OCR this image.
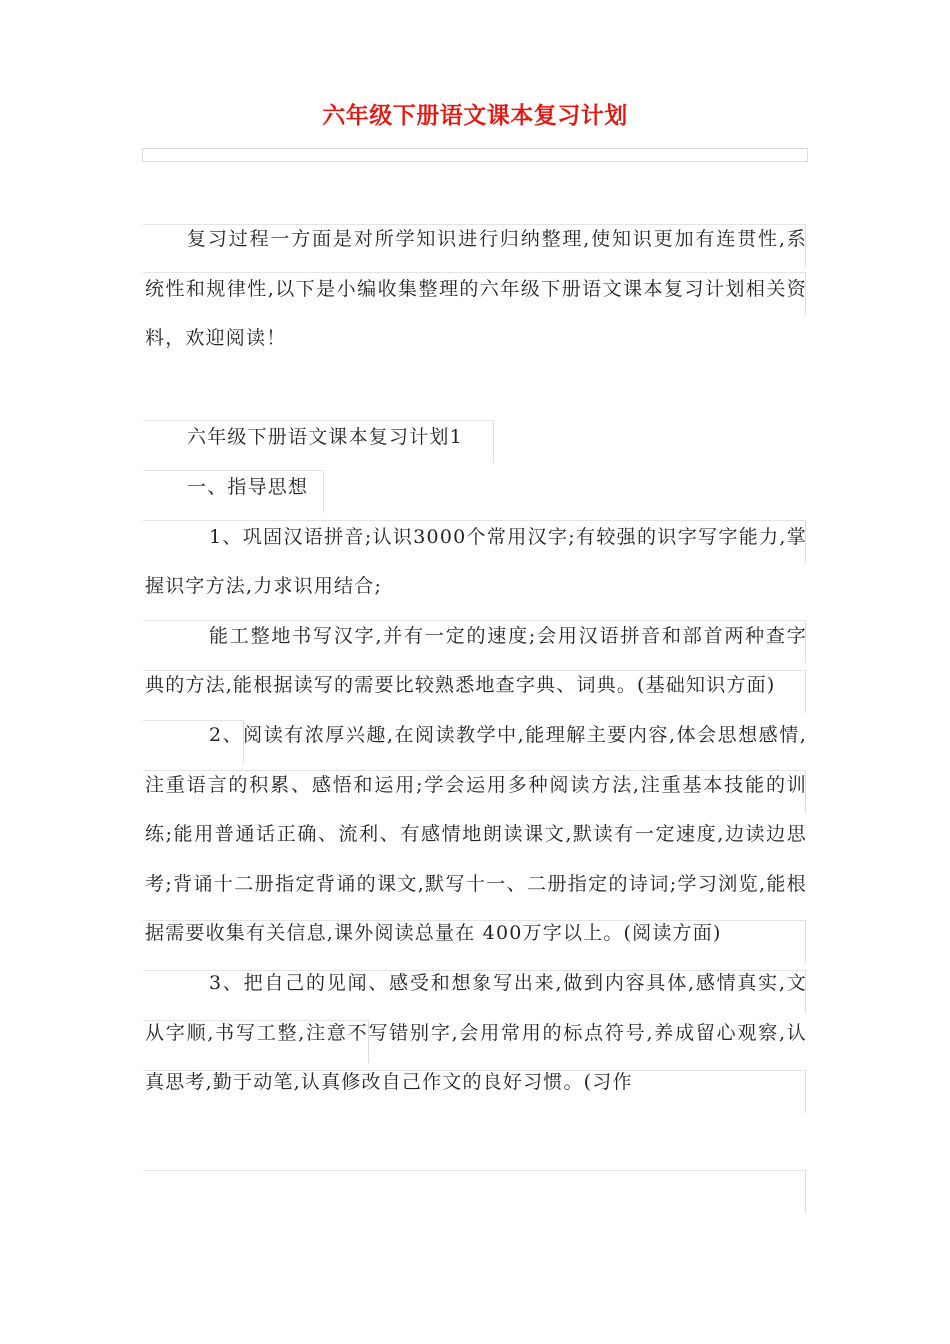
六年级下册语文课本复习计划

复习过程一方面是对所学知识进行归纳整理,使知识更加有连贯性,系统性和规律性,以下是小编收集整理的六年级下册语文课本复习计划相关资料，欢迎阅读！

六年级下册语文课本复习计划1

一、指导思想

1、巩固汉语拼音;认识3000个常用汉字;有较强的识字写字能力,掌握识字方法,力求识用结合;

能工整地书写汉字,并有一定的速度;会用汉语拼音和部首两种查字典的方法,能根据读写的需要比较熟悉地查字典、词典。(基础知识方面)

2、阅读有浓厚兴趣,在阅读教学中,能理解主要内容,体会思想感情,注重语言的积累、感悟和运用;学会运用多种阅读方法,注重基本技能的训练;能用普通话正确、流利、有感情地朗读课文,默读有一定速度,边读边思考;背诵十二册指定背诵的课文,默写十一、二册指定的诗词;学习浏览,能根据需要收集有关信息,课外阅读总量在 400万字以上。(阅读方面)

3、把自己的见闻、感受和想象写出来,做到内容具体,感情真实,文从字顺,书写工整,注意不写错别字,会用常用的标点符号,养成留心观察,认真思考,勤于动笔,认真修改自己作文的良好习惯。(习作
